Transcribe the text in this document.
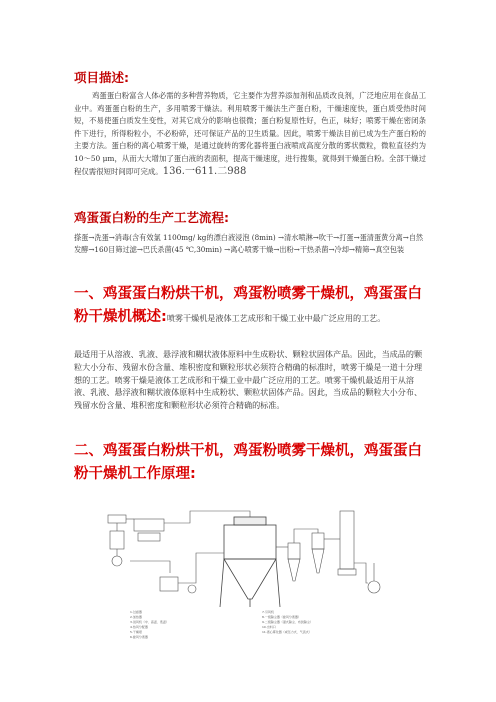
项目描述:

鸡蛋蛋白粉富含人体必需的多种营养物质，它主要作为营养添加剂和品质改良剂，广泛地应用在食品工业中。鸡蛋蛋白粉的生产，多用喷雾干燥法。利用喷雾干燥法生产蛋白粉，干燥速度快，蛋白质受热时间短，不易使蛋白质发生变性，对其它成分的影响也很微；蛋白粉复原性好，色正，味好；喷雾干燥在密闭条件下进行，所得粉粒小，不必粉碎，还可保证产品的卫生质量。因此，喷雾干燥法目前已成为生产蛋白粉的主要方法。蛋白粉的离心喷雾干燥，是通过旋转的雾化器将蛋白液喷成高度分散的雾状微粒，微粒直径约为 10～50 μm，从而大大增加了蛋白液的表面积，提高干燥速度，进行搜集，就得到干燥蛋白粉。全部干燥过程仅需很短时间即可完成。136.一611.二988

鸡蛋蛋白粉的生产工艺流程:

搽蛋→洗蛋→消毒(含有效氯 1100mg/ kg的漂白液浸泡 (8min) →清水喷淋→吹干→打蛋→蛋清蛋黄分离→自然发酵→160目筛过滤→巴氏杀菌(45 ℃,30min) →离心喷雾干燥→出粉→干热杀菌→冷却→精筛→真空包装

一、鸡蛋蛋白粉烘干机，鸡蛋粉喷雾干燥机，鸡蛋蛋白粉干燥机概述:喷雾干燥机是液体工艺成形和干燥工业中最广泛应用的工艺。

最适用于从溶液、乳液、悬浮液和糊状液体原料中生成粉状、颗粒状固体产品。因此，当成品的颗粒大小分布、残留水份含量、堆积密度和颗粒形状必须符合精确的标准时，喷雾干燥是一道十分理想的工艺。喷雾干燥是液体工艺成形和干燥工业中最广泛应用的工艺。喷雾干燥机最适用于从溶液、乳液、悬浮液和糊状液体原料中生成粉状、颗粒状固体产品。因此，当成品的颗粒大小分布、残留水份含量、堆积密度和颗粒形状必须符合精确的标准。

二、鸡蛋蛋白粉烘干机，鸡蛋粉喷雾干燥机，鸡蛋蛋白粉干燥机工作原理:
1.过滤器
2.加热器
3.进风机（中、高温、低温）
4.热风分配器
5.干燥塔
6.旋风分离器
7.引风机
8.一级除尘器（旋风分离器）
9.二级除尘器（湿式除尘、布袋除尘）
10.出料口
11.离心雾化器（或压力式、气流式）
